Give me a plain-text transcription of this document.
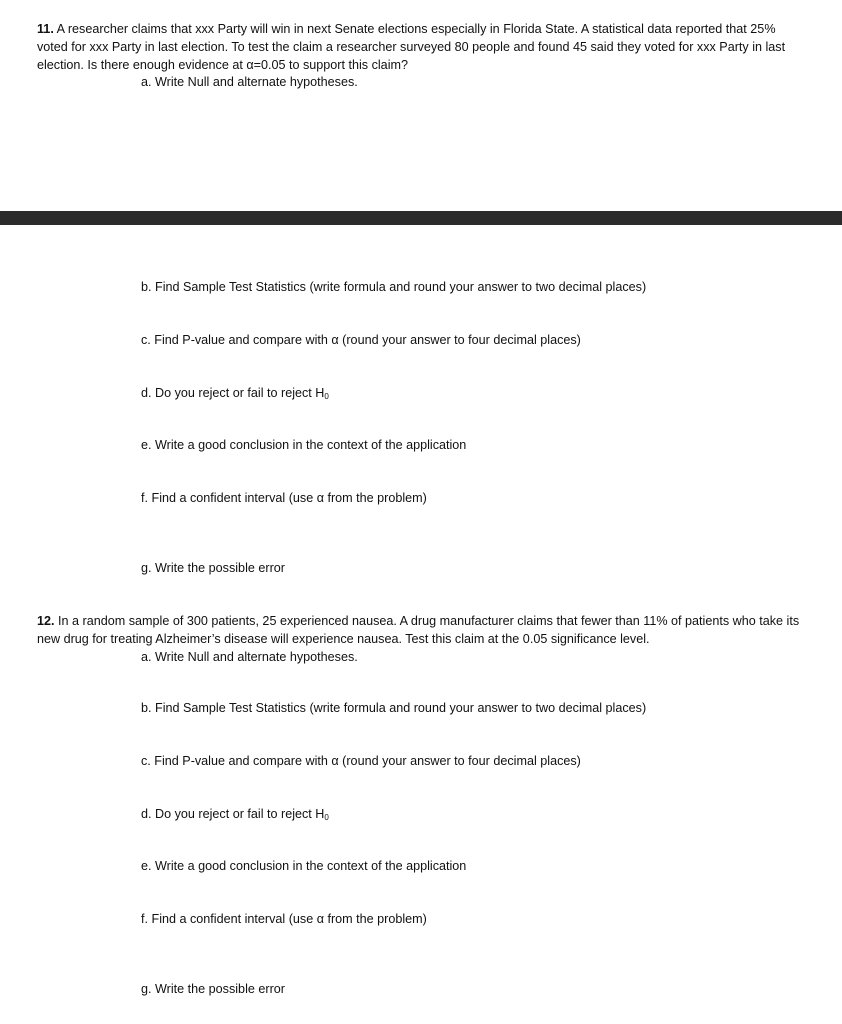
11. A researcher claims that xxx Party will win in next Senate elections especially in Florida State. A statistical data reported that 25% voted for xxx Party in last election. To test the claim a researcher surveyed 80 people and found 45 said they voted for xxx Party in last election. Is there enough evidence at α=0.05 to support this claim?

a. Write Null and alternate hypotheses.

b. Find Sample Test Statistics (write formula and round your answer to two decimal places)

c. Find P-value and compare with α (round your answer to four decimal places)

d. Do you reject or fail to reject $H_0$

e. Write a good conclusion in the context of the application

f. Find a confident interval (use α from the problem)

g. Write the possible error

12. In a random sample of 300 patients, 25 experienced nausea. A drug manufacturer claims that fewer than 11% of patients who take its new drug for treating Alzheimer’s disease will experience nausea. Test this claim at the 0.05 significance level.

a. Write Null and alternate hypotheses.

b. Find Sample Test Statistics (write formula and round your answer to two decimal places)

c. Find P-value and compare with α (round your answer to four decimal places)

d. Do you reject or fail to reject $H_0$

e. Write a good conclusion in the context of the application

f. Find a confident interval (use α from the problem)

g. Write the possible error
